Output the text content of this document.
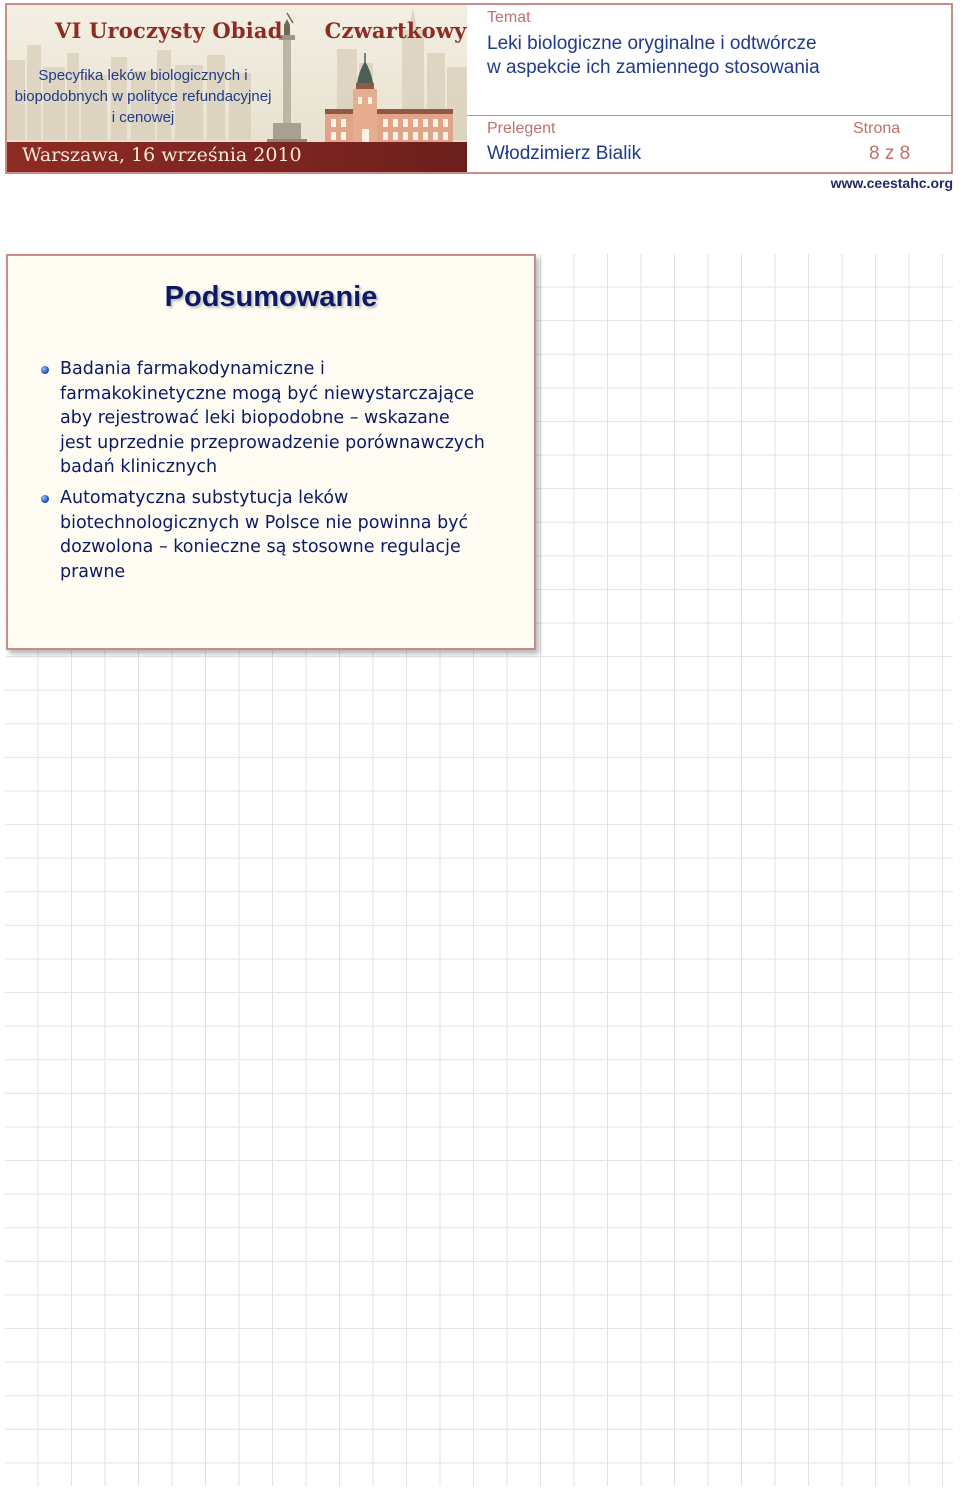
VI Uroczysty Obiad Czwartkowy

Specyfika leków biologicznych i biopodobnych w polityce refundacyjnej i cenowej

Warszawa, 16 września 2010

Temat

Leki biologiczne oryginalne i odtwórcze
w aspekcie ich zamiennego stosowania

Prelegent

Włodzimierz Bialik

Strona

8 z 8
www.ceestahc.org
Podsumowanie
Badania farmakodynamiczne i
farmakokinetyczne mogą być niewystarczające
aby rejestrować leki biopodobne – wskazane
jest uprzednie przeprowadzenie porównawczych
badań klinicznych
Automatyczna substytucja leków
biotechnologicznych w Polsce nie powinna być
dozwolona – konieczne są stosowne regulacje
prawne
